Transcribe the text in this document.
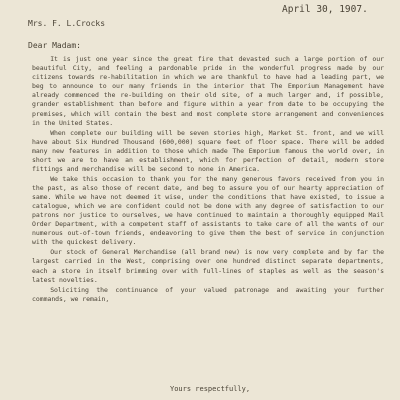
April 30, 1907.
Mrs. F. L.Crocks
Dear Madam:

It is just one year since the great fire that devasted such a large portion of our beautiful City, and feeling a pardonable pride in the wonderful progress made by our citizens towards re-habilitation in which we are thankful to have had a leading part, we beg to announce to our many friends in the interior that The Emporium Management have already commenced the re-building on their old site, of a much larger and, if possible, grander establishment than before and figure within a year from date to be occupying the premises, which will contain the best and most complete store arrangement and conveniences in the United States.

When complete our building will be seven stories high, Market St. front, and we will have about Six Hundred Thousand (600,000) square feet of floor space. There will be added many new features in addition to those which made The Emporium famous the world over, in short we are to have an establishment, which for perfection of detail, modern store fittings and merchandise will be second to none in America.

We take this occasion to thank you for the many generous favors received from you in the past, as also those of recent date, and beg to assure you of our hearty appreciation of same. While we have not deemed it wise, under the conditions that have existed, to issue a catalogue, which we are confident could not be done with any degree of satisfaction to our patrons nor justice to ourselves, we have continued to maintain a thoroughly equipped Mail Order Department, with a competent staff of assistants to take care of all the wants of our numerous out-of-town friends, endeavoring to give them the best of service in conjunction with the quickest delivery.

Our stock of General Merchandise (all brand new) is now very complete and by far the largest carried in the West, comprising over one hundred distinct separate departments, each a store in itself brimming over with full-lines of staples as well as the season's latest novelties.

Soliciting the continuance of your valued patronage and awaiting your further commands, we remain,

Yours respectfully,
